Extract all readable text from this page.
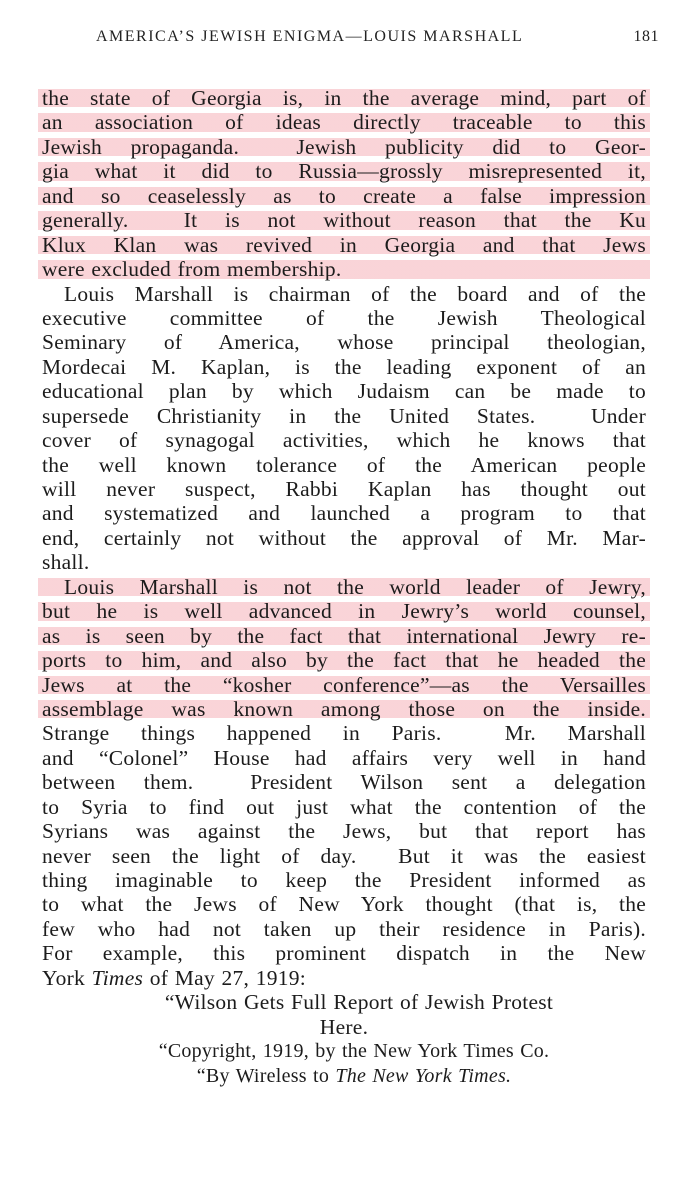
AMERICA’S JEWISH ENIGMA—LOUIS MARSHALL	181
the state of Georgia is, in the average mind, part of
an association of ideas directly traceable to this
Jewish propaganda.  Jewish publicity did to Geor-
gia what it did to Russia—grossly misrepresented it,
and so ceaselessly as to create a false impression
generally.  It is not without reason that the Ku
Klux Klan was revived in Georgia and that Jews
were excluded from membership.
Louis Marshall is chairman of the board and of the
executive committee of the Jewish Theological
Seminary of America, whose principal theologian,
Mordecai M. Kaplan, is the leading exponent of an
educational plan by which Judaism can be made to
supersede Christianity in the United States.  Under
cover of synagogal activities, which he knows that
the well known tolerance of the American people
will never suspect, Rabbi Kaplan has thought out
and systematized and launched a program to that
end, certainly not without the approval of Mr. Mar-
shall.
Louis Marshall is not the world leader of Jewry,
but he is well advanced in Jewry’s world counsel,
as is seen by the fact that international Jewry re-
ports to him, and also by the fact that he headed the
Jews at the “kosher conference”—as the Versailles
assemblage was known among those on the inside.
Strange things happened in Paris.  Mr. Marshall
and “Colonel” House had affairs very well in hand
between them.  President Wilson sent a delegation
to Syria to find out just what the contention of the
Syrians was against the Jews, but that report has
never seen the light of day.  But it was the easiest
thing imaginable to keep the President informed as
to what the Jews of New York thought (that is, the
few who had not taken up their residence in Paris).
For example, this prominent dispatch in the New
York Times of May 27, 1919:
“Wilson Gets Full Report of Jewish Protest
Here.
“Copyright, 1919, by the New York Times Co.
“By Wireless to The New York Times.
